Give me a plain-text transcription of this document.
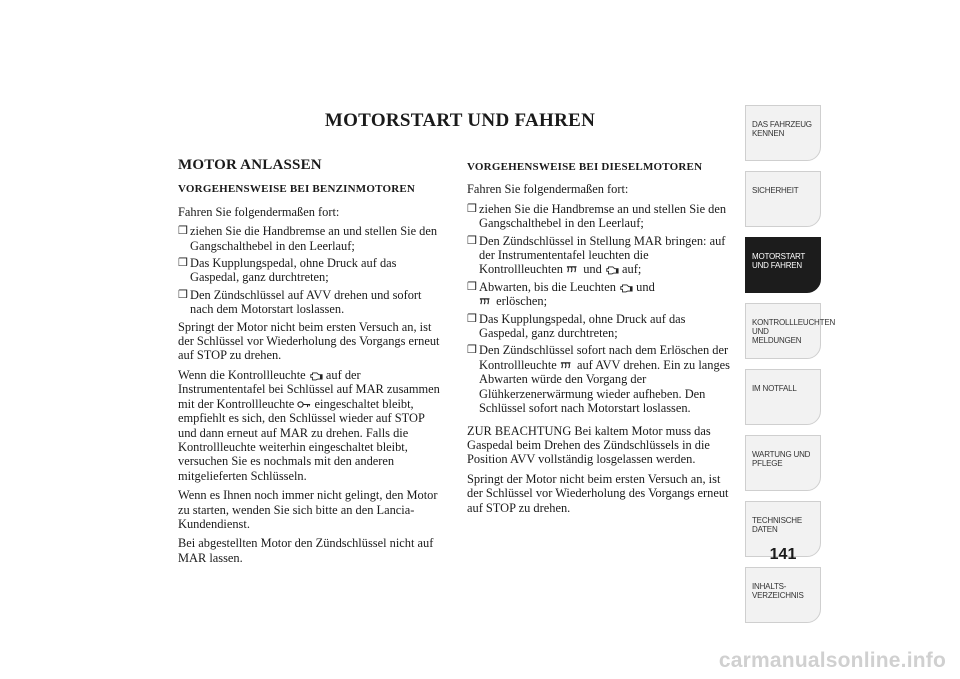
MOTORSTART UND FAHREN
MOTOR ANLASSEN
VORGEHENSWEISE BEI BENZINMOTOREN

Fahren Sie folgendermaßen fort:

❒ ziehen Sie die Handbremse an und stellen Sie den Gangschalthebel in den Leerlauf;
❒ Das Kupplungspedal, ohne Druck auf das Gaspedal, ganz durchtreten;
❒ Den Zündschlüssel auf AVV drehen und sofort nach dem Motorstart loslassen.

Springt der Motor nicht beim ersten Versuch an, ist der Schlüssel vor Wiederholung des Vorgangs erneut auf STOP zu drehen.

Wenn die Kontrollleuchte auf der Instrumententafel bei Schlüssel auf MAR zusammen mit der Kontrollleuchte eingeschaltet bleibt, empfiehlt es sich, den Schlüssel wieder auf STOP und dann erneut auf MAR zu drehen. Falls die Kontrollleuchte weiterhin eingeschaltet bleibt, versuchen Sie es nochmals mit den anderen mitgelieferten Schlüsseln.

Wenn es Ihnen noch immer nicht gelingt, den Motor zu starten, wenden Sie sich bitte an den Lancia-Kundendienst.

Bei abgestellten Motor den Zündschlüssel nicht auf MAR lassen.

VORGEHENSWEISE BEI DIESELMOTOREN

Fahren Sie folgendermaßen fort:

❒ ziehen Sie die Handbremse an und stellen Sie den Gangschalthebel in den Leerlauf;
❒ Den Zündschlüssel in Stellung MAR bringen: auf der Instrumententafel leuchten die Kontrollleuchten und auf;
❒ Abwarten, bis die Leuchten und

erlöschen;
❒ Das Kupplungspedal, ohne Druck auf das Gaspedal, ganz durchtreten;
❒ Den Zündschlüssel sofort nach dem Erlöschen der Kontrollleuchte auf AVV drehen. Ein zu langes Abwarten würde den Vorgang der Glühkerzenerwärmung wieder aufheben. Den Schlüssel sofort nach Motorstart loslassen.

ZUR BEACHTUNG Bei kaltem Motor muss das Gaspedal beim Drehen des Zündschlüssels in die Position AVV vollständig losgelassen werden.

Springt der Motor nicht beim ersten Versuch an, ist der Schlüssel vor Wiederholung des Vorgangs erneut auf STOP zu drehen.

DAS FAHRZEUG KENNEN
SICHERHEIT
MOTORSTART UND FAHREN
KONTROLLLEUCHTEN UND MELDUNGEN
IM NOTFALL
WARTUNG UND PFLEGE
TECHNISCHE DATEN
INHALTS-VERZEICHNIS

141

carmanualsonline.info
